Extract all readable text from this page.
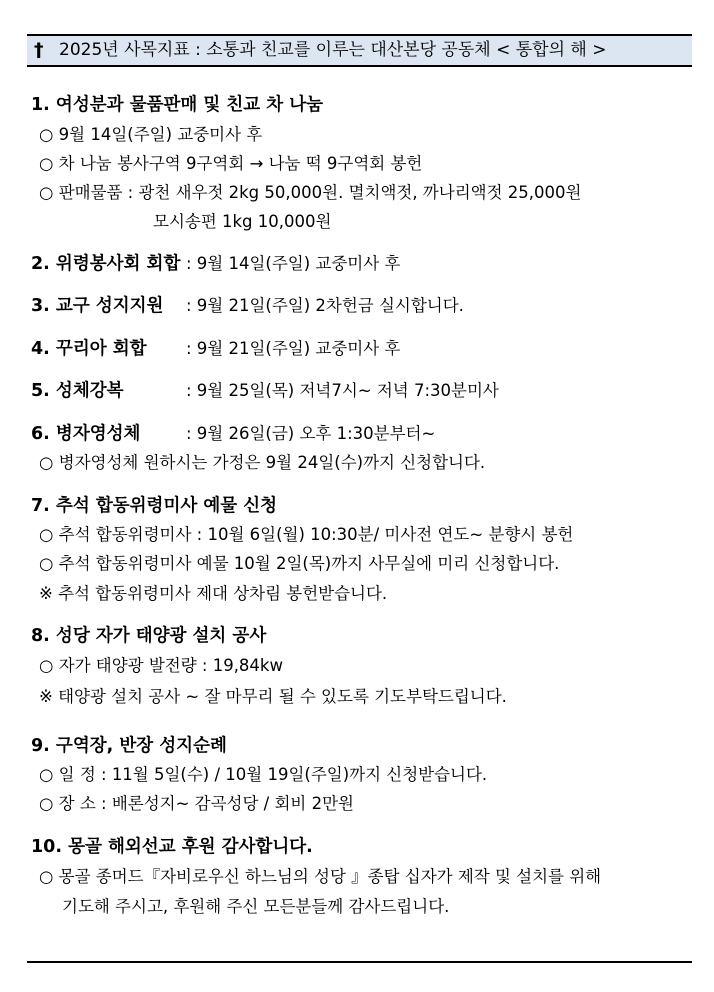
† 2025년 사목지표 : 소통과 친교를 이루는 대산본당 공동체 < 통합의 해 >
1. 여성분과 물품판매 및 친교 차 나눔
○ 9월 14일(주일) 교중미사 후
○ 차 나눔 봉사구역 9구역회 → 나눔 떡 9구역회 봉헌
○ 판매물품 : 광천 새우젓 2kg 50,000원. 멸치액젓, 까나리액젓 25,000원
모시송편 1kg 10,000원
2. 위령봉사회 회합 : 9월 14일(주일) 교중미사 후
3. 교구 성지지원 : 9월 21일(주일) 2차헌금 실시합니다.
4. 꾸리아 회합 : 9월 21일(주일) 교중미사 후
5. 성체강복	: 9월 25일(목) 저녁7시~ 저녁 7:30분미사
6. 병자영성체	: 9월 26일(금) 오후 1:30분부터~
○ 병자영성체 원하시는 가정은 9월 24일(수)까지 신청합니다.
7. 추석 합동위령미사 예물 신청
○ 추석 합동위령미사 : 10월 6일(월) 10:30분/ 미사전 연도~ 분향시 봉헌
○ 추석 합동위령미사 예물 10월 2일(목)까지 사무실에 미리 신청합니다.
※ 추석 합동위령미사 제대 상차림 봉헌받습니다.
8. 성당 자가 태양광 설치 공사
○ 자가 태양광 발전량 : 19,84kw
※ 태양광 설치 공사 ~ 잘 마무리 될 수 있도록 기도부탁드립니다.
9. 구역장, 반장 성지순례
○ 일 정 : 11월 5일(수) / 10월 19일(주일)까지 신청받습니다.
○ 장 소 : 배론성지~ 감곡성당 / 회비 2만원
10. 몽골 해외선교 후원 감사합니다.
○ 몽골 종머드『자비로우신 하느님의 성당 』종탑 십자가 제작 및 설치를 위해
기도해 주시고, 후원해 주신 모든분들께 감사드립니다.
